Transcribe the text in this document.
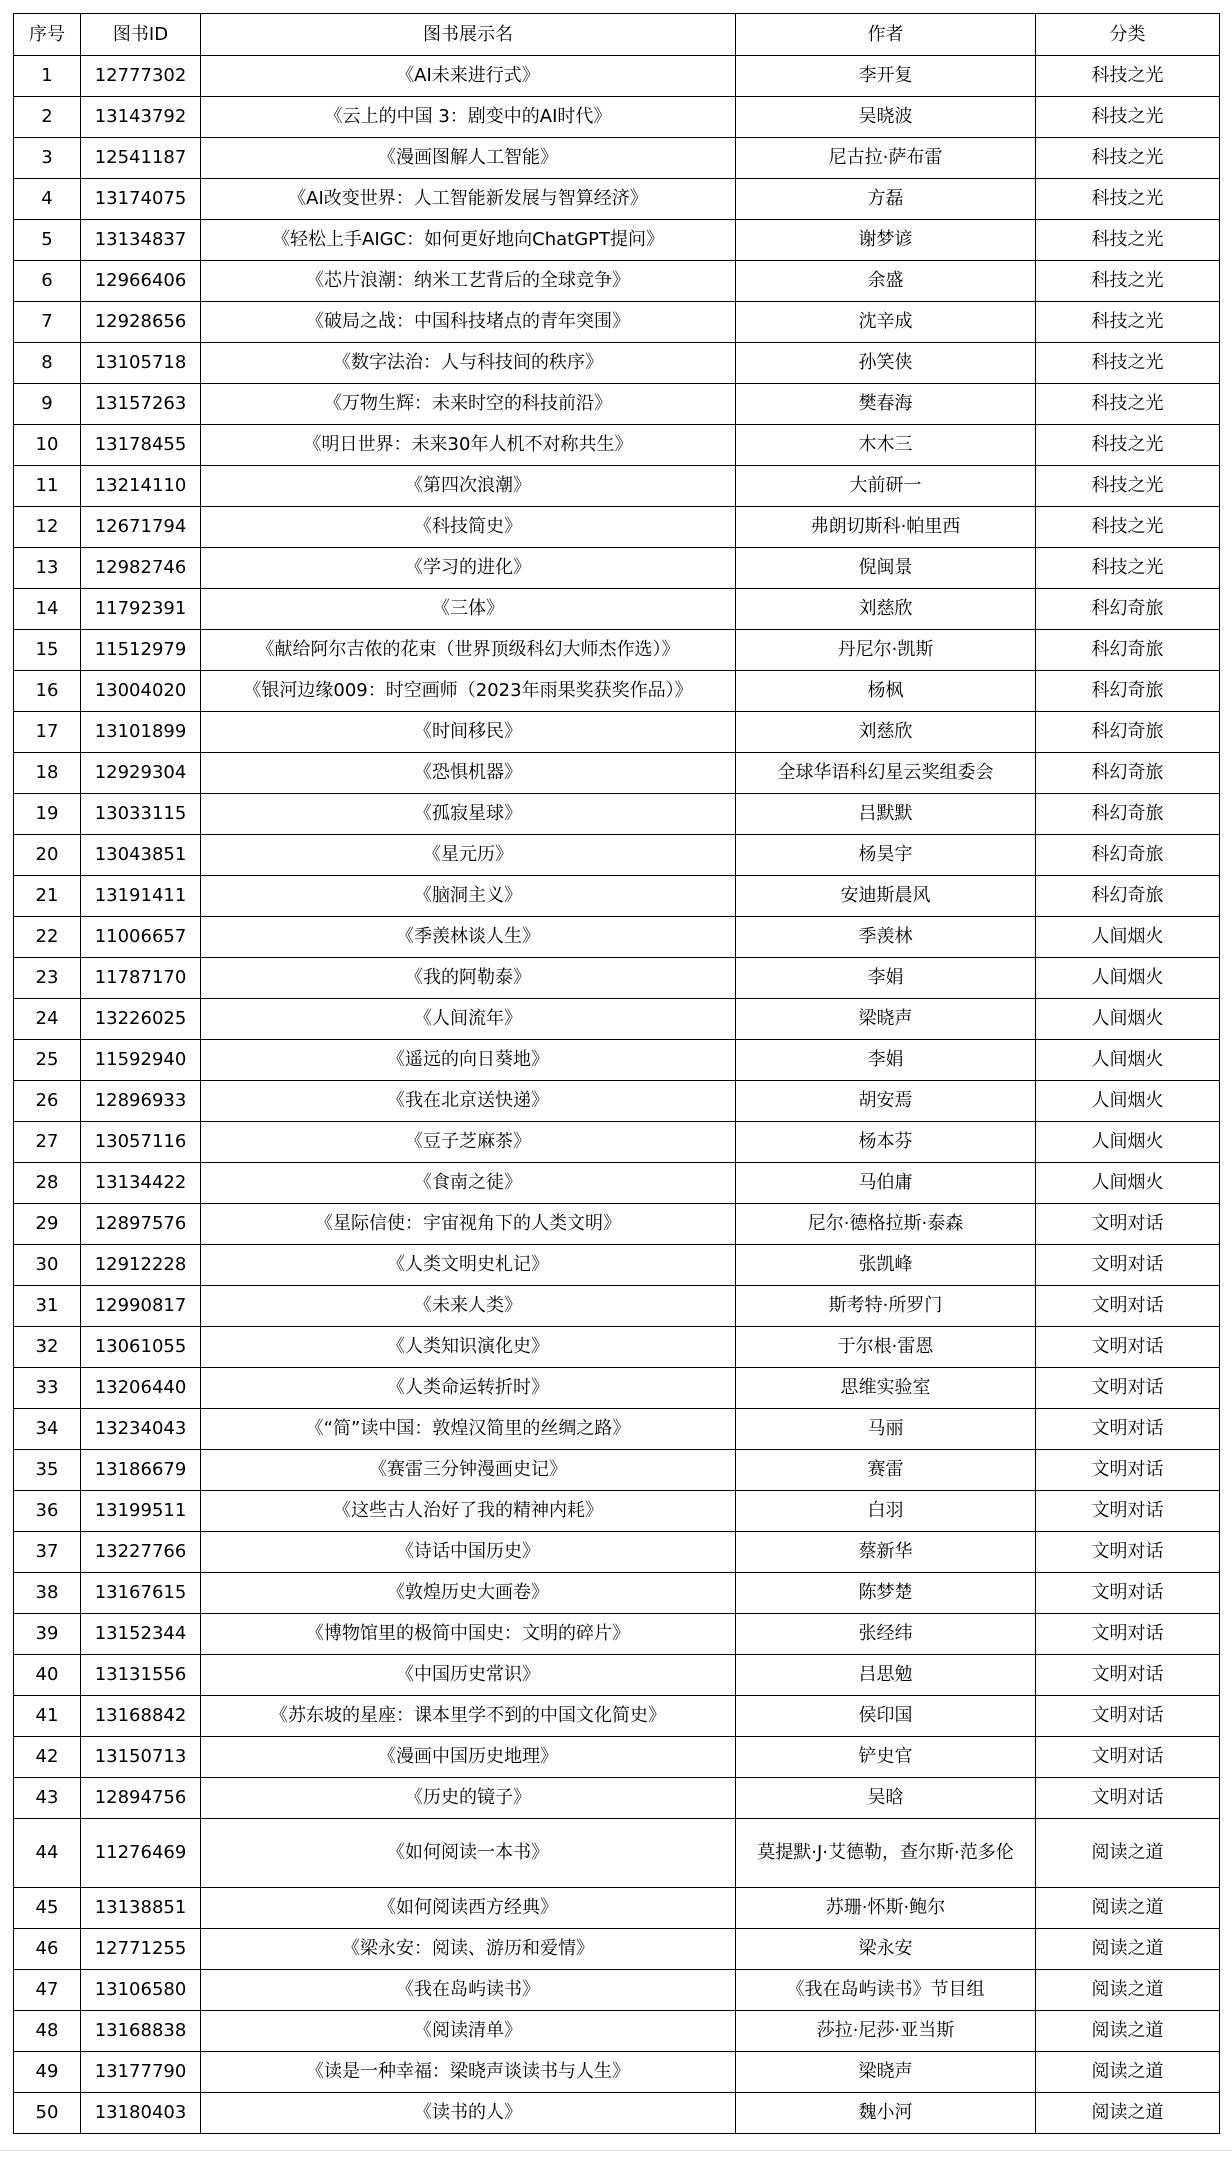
序号	图书ID	图书展示名	作者	分类
1	12777302	《AI未来进行式》	李开复	科技之光
2	13143792	《云上的中国 3：剧变中的AI时代》	吴晓波	科技之光
3	12541187	《漫画图解人工智能》	尼古拉·萨布雷	科技之光
4	13174075	《AI改变世界：人工智能新发展与智算经济》	方磊	科技之光
5	13134837	《轻松上手AIGC：如何更好地向ChatGPT提问》	谢梦谚	科技之光
6	12966406	《芯片浪潮：纳米工艺背后的全球竞争》	余盛	科技之光
7	12928656	《破局之战：中国科技堵点的青年突围》	沈辛成	科技之光
8	13105718	《数字法治：人与科技间的秩序》	孙笑侠	科技之光
9	13157263	《万物生辉：未来时空的科技前沿》	樊春海	科技之光
10	13178455	《明日世界：未来30年人机不对称共生》	木木三	科技之光
11	13214110	《第四次浪潮》	大前研一	科技之光
12	12671794	《科技简史》	弗朗切斯科·帕里西	科技之光
13	12982746	《学习的进化》	倪闽景	科技之光
14	11792391	《三体》	刘慈欣	科幻奇旅
15	11512979	《献给阿尔吉侬的花束（世界顶级科幻大师杰作选）》	丹尼尔·凯斯	科幻奇旅
16	13004020	《银河边缘009：时空画师（2023年雨果奖获奖作品）》	杨枫	科幻奇旅
17	13101899	《时间移民》	刘慈欣	科幻奇旅
18	12929304	《恐惧机器》	全球华语科幻星云奖组委会	科幻奇旅
19	13033115	《孤寂星球》	吕默默	科幻奇旅
20	13043851	《星元历》	杨昊宇	科幻奇旅
21	13191411	《脑洞主义》	安迪斯晨风	科幻奇旅
22	11006657	《季羡林谈人生》	季羡林	人间烟火
23	11787170	《我的阿勒泰》	李娟	人间烟火
24	13226025	《人间流年》	梁晓声	人间烟火
25	11592940	《遥远的向日葵地》	李娟	人间烟火
26	12896933	《我在北京送快递》	胡安焉	人间烟火
27	13057116	《豆子芝麻茶》	杨本芬	人间烟火
28	13134422	《食南之徒》	马伯庸	人间烟火
29	12897576	《星际信使：宇宙视角下的人类文明》	尼尔·德格拉斯·泰森	文明对话
30	12912228	《人类文明史札记》	张凯峰	文明对话
31	12990817	《未来人类》	斯考特·所罗门	文明对话
32	13061055	《人类知识演化史》	于尔根·雷恩	文明对话
33	13206440	《人类命运转折时》	思维实验室	文明对话
34	13234043	《“简”读中国：敦煌汉简里的丝绸之路》	马丽	文明对话
35	13186679	《赛雷三分钟漫画史记》	赛雷	文明对话
36	13199511	《这些古人治好了我的精神内耗》	白羽	文明对话
37	13227766	《诗话中国历史》	蔡新华	文明对话
38	13167615	《敦煌历史大画卷》	陈梦楚	文明对话
39	13152344	《博物馆里的极简中国史：文明的碎片》	张经纬	文明对话
40	13131556	《中国历史常识》	吕思勉	文明对话
41	13168842	《苏东坡的星座：课本里学不到的中国文化简史》	侯印国	文明对话
42	13150713	《漫画中国历史地理》	铲史官	文明对话
43	12894756	《历史的镜子》	吴晗	文明对话
44	11276469	《如何阅读一本书》	莫提默·J·艾德勒，查尔斯·范多伦	阅读之道
45	13138851	《如何阅读西方经典》	苏珊·怀斯·鲍尔	阅读之道
46	12771255	《梁永安：阅读、游历和爱情》	梁永安	阅读之道
47	13106580	《我在岛屿读书》	《我在岛屿读书》节目组	阅读之道
48	13168838	《阅读清单》	莎拉·尼莎·亚当斯	阅读之道
49	13177790	《读是一种幸福：梁晓声谈读书与人生》	梁晓声	阅读之道
50	13180403	《读书的人》	魏小河	阅读之道
